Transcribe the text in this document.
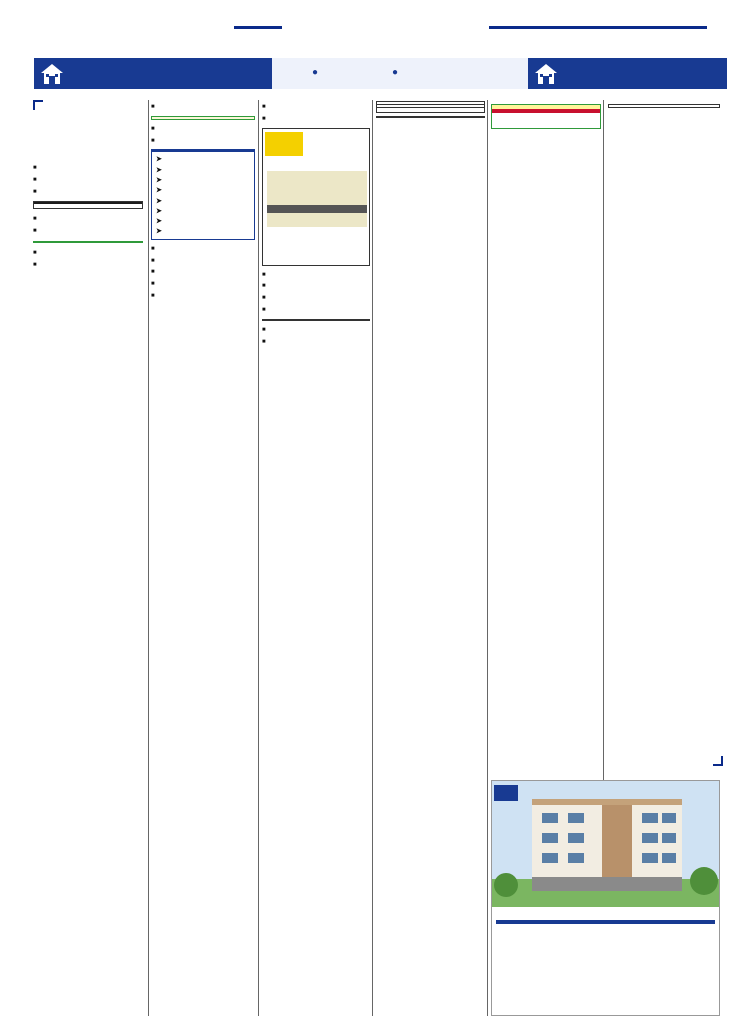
●	●
■
■
■
■
■
■
■
■
■
■
➤
➤
➤
➤
➤
➤
➤
➤
■
■
■
■
■
■
■
■
■
■
■
■
■
